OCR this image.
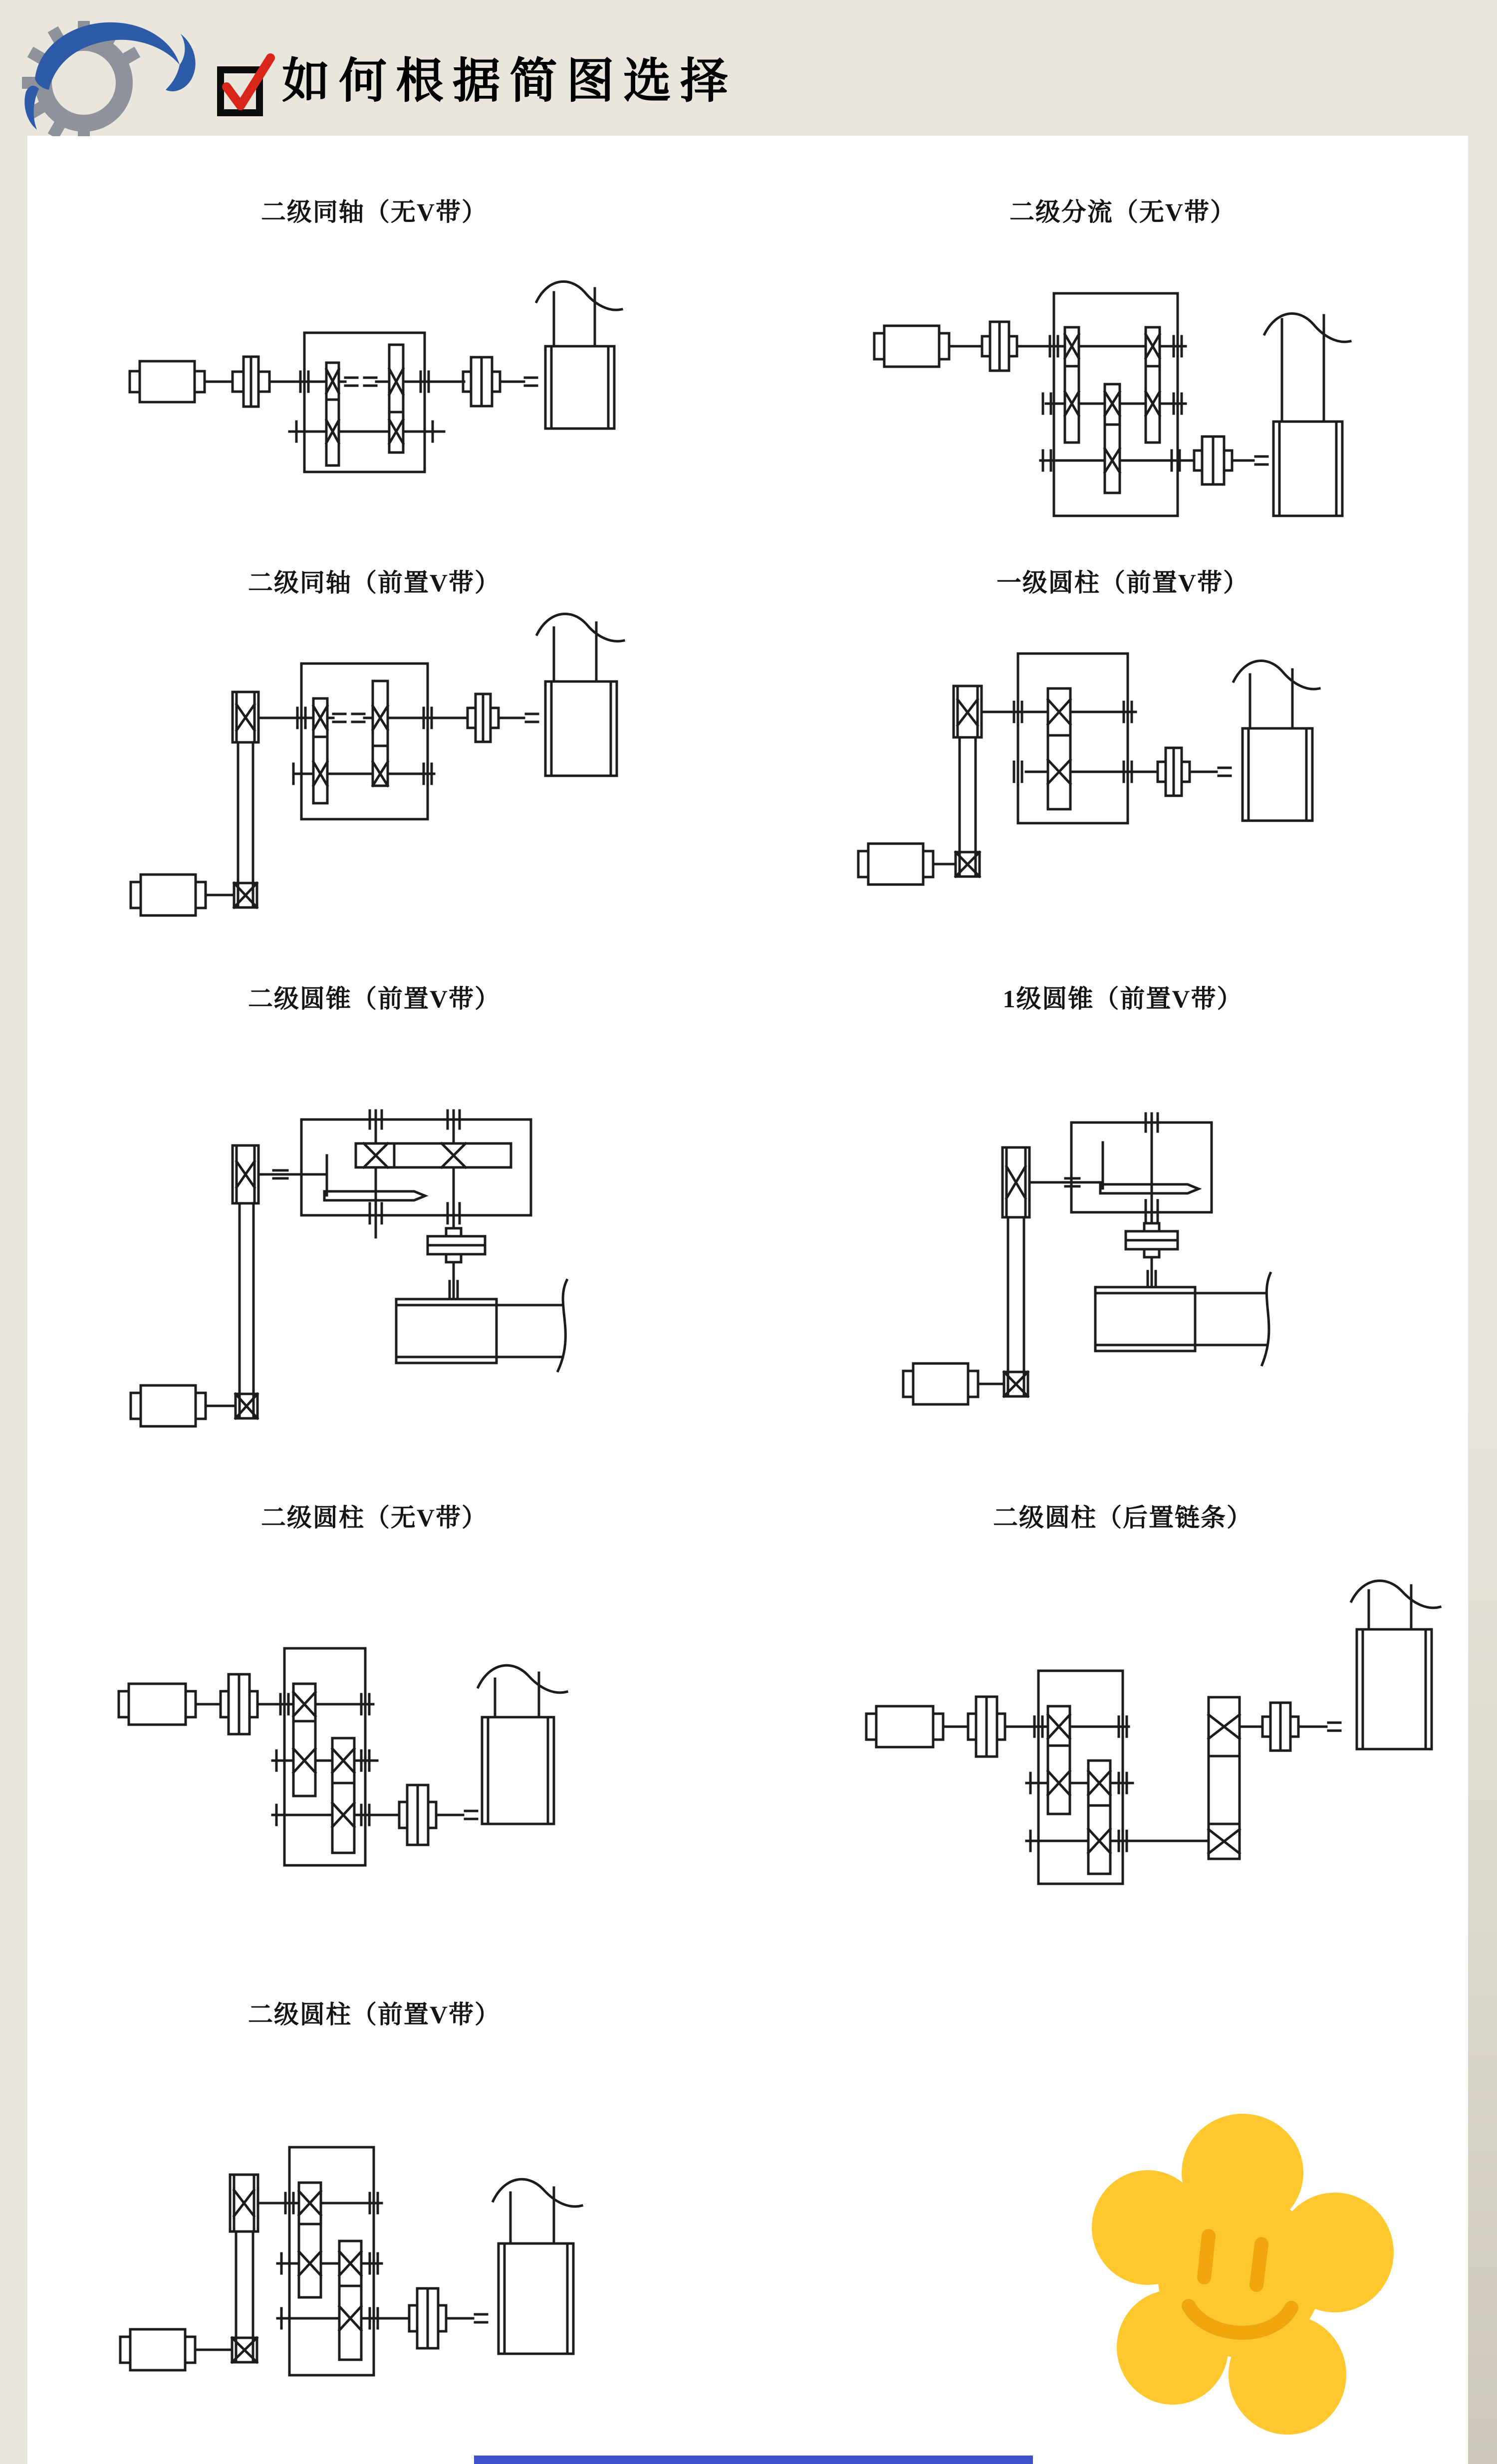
如何根据简图选择
二级同轴（无V带）	二级分流（无V带）
二级同轴（前置V带）	一级圆柱（前置V带）
二级圆锥（前置V带）	1级圆锥（前置V带）
二级圆柱（无V带）	二级圆柱（后置链条）
二级圆柱（前置V带）
